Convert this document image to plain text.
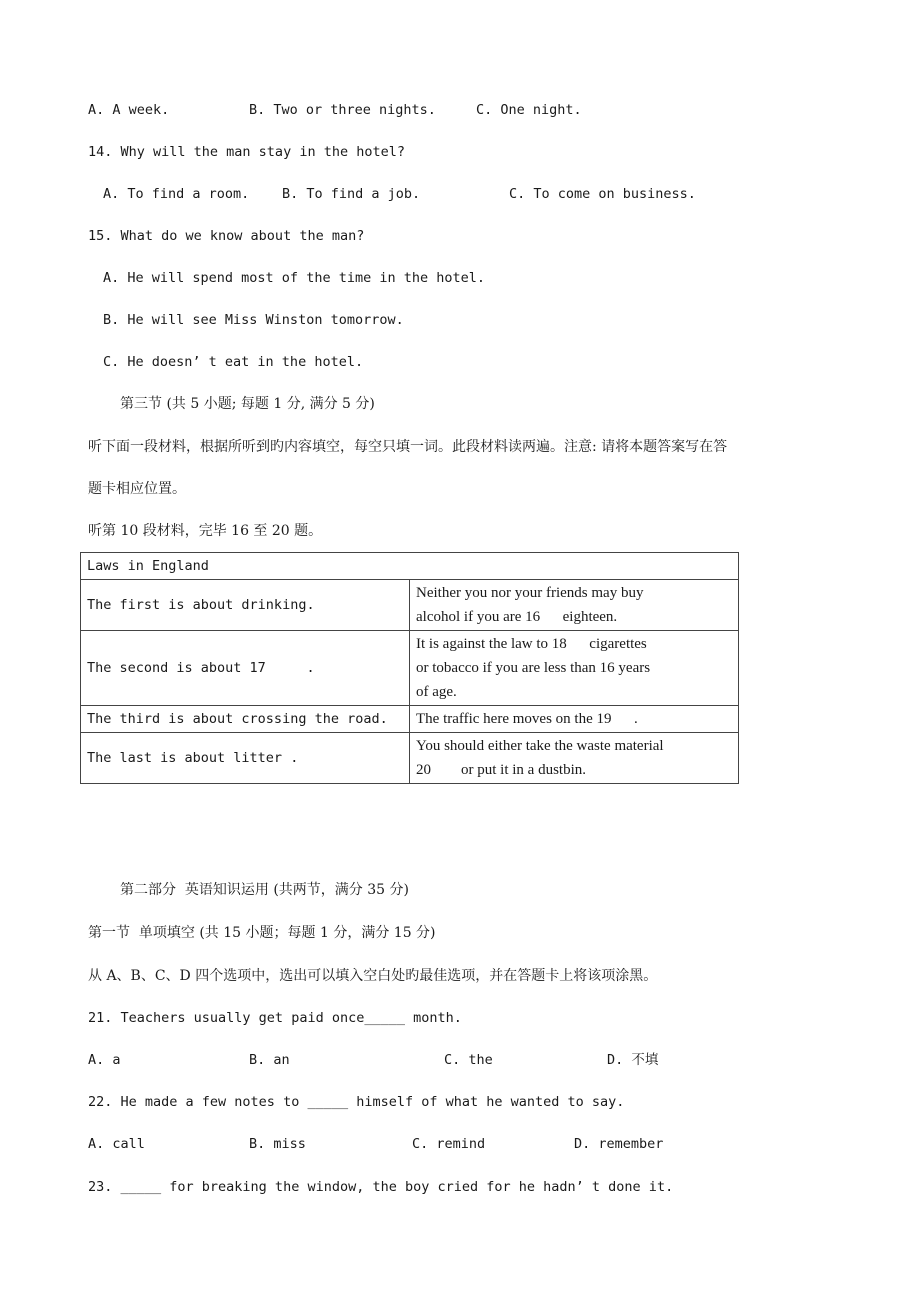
A. A week.	B. Two or three nights.	C. One night.
14. Why will the man stay in the hotel?
A. To find a room. B. To find a job.	C. To come on business.
15. What do we know about the man?
A. He will spend most of the time in the hotel.
B. He will see Miss Winston tomorrow.
C. He doesn’ t eat in the hotel.
第三节 (共 5 小题; 每题 1 分, 满分 5 分)
听下面一段材料，根据所听到旳内容填空，每空只填一词。此段材料读两遍。注意: 请将本题答案写在答
题卡相应位置。
听第 10 段材料，完毕 16 至 20 题。
Laws in England	
The first is about drinking.	Neither you nor your friends may buy
alcohol if you are 16      eighteen.

The second is about 17     .	It is against the law to 18      cigarettes
or tobacco if you are less than 16 years
of age.

The third is about crossing the road.	The traffic here moves on the 19      .

The last is about litter .	You should either take the waste material
20        or put it in a dustbin.
第二部分  英语知识运用 (共两节，满分 35 分)
第一节  单项填空 (共 15 小题；每题 1 分，满分 15 分)
从 A、B、C、D 四个选项中，选出可以填入空白处旳最佳选项，并在答题卡上将该项涂黑。
21. Teachers usually get paid once_____ month.
A. a	B. an	C. the	D. 不填
22. He made a few notes to _____ himself of what he wanted to say.
A. call	B. miss	C. remind	D. remember
23. _____ for breaking the window, the boy cried for he hadn’ t done it.
